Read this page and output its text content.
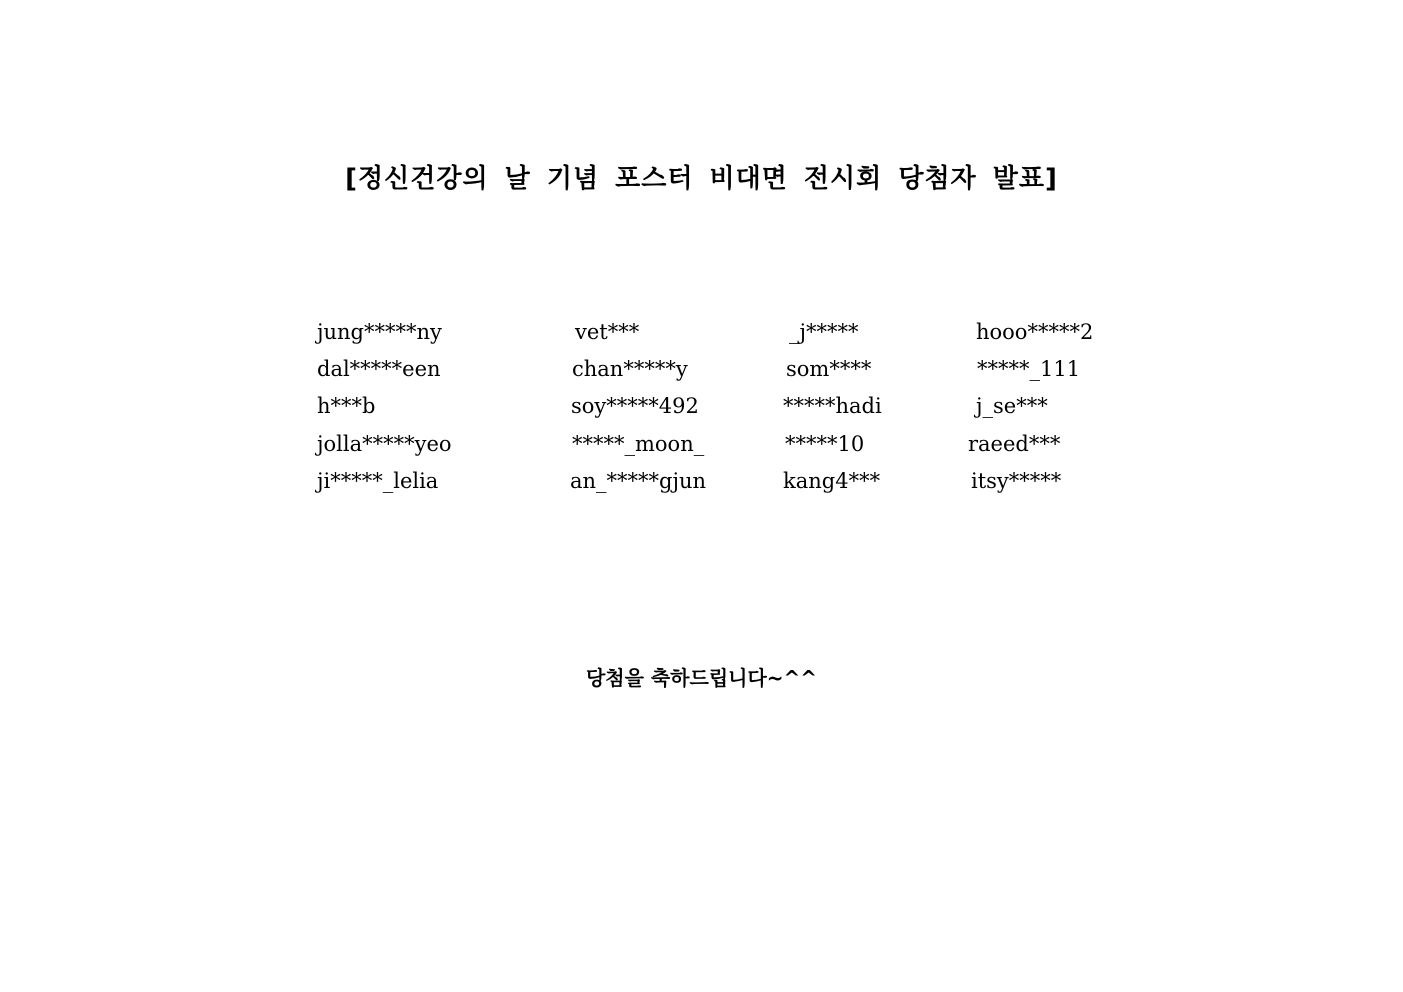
[정신건강의 날 기념 포스터 비대면 전시회 당첨자 발표]
jung*****ny
dal*****een
h***b
jolla*****yeo
ji*****_lelia
vet***
chan*****y
soy*****492
*****_moon_
an_*****gjun
_j*****
som****
*****hadi
*****10
kang4***
hooo*****2
*****_111
j_se***
raeed***
itsy*****
당첨을 축하드립니다~^^
